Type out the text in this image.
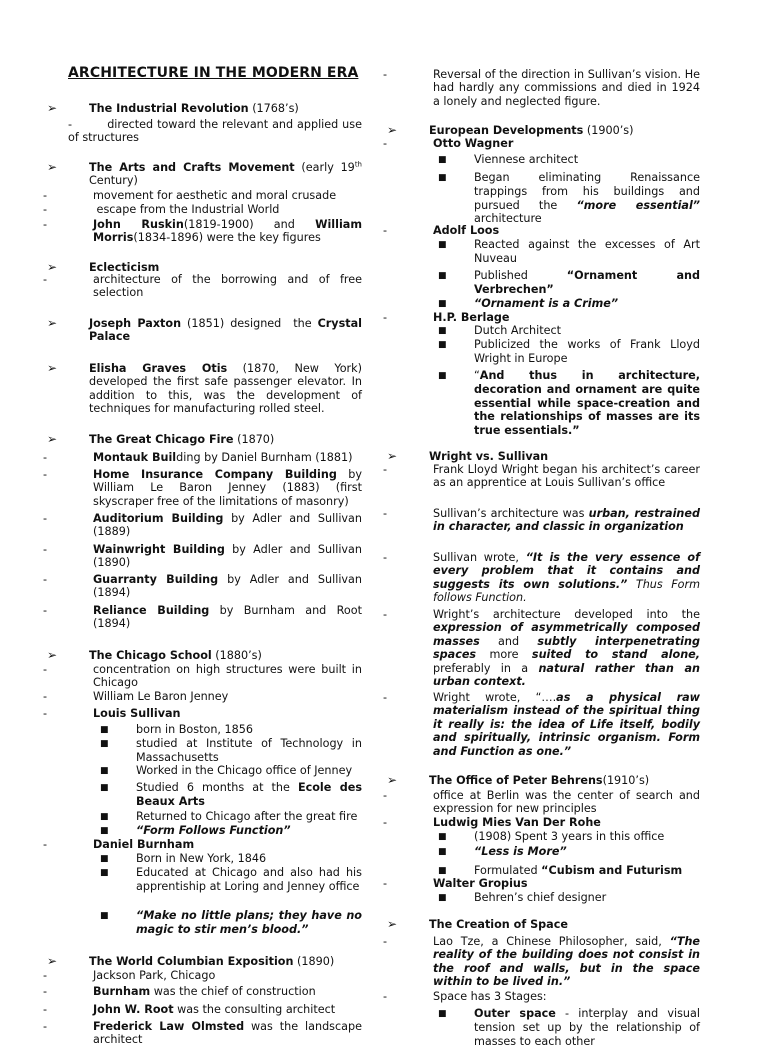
ARCHITECTURE IN THE MODERN ERA
➢	The Industrial Revolution (1768’s)
-         directed toward the relevant and applied use of structures
➢	The Arts and Crafts Movement (early 19th Century)
-	movement for aesthetic and moral crusade
-	escape from the Industrial World
-	John Ruskin(1819-1900) and William Morris(1834-1896) were the key figures
➢	Eclecticism
-	architecture of the borrowing and of free selection
➢	Joseph Paxton (1851) designed  the Crystal Palace
➢	Elisha Graves Otis (1870, New York) developed the first safe passenger elevator. In addition to this, was the development of techniques for manufacturing rolled steel.
➢	The Great Chicago Fire (1870)
-	Montauk Building by Daniel Burnham (1881)
-	Home Insurance Company Building by William Le Baron Jenney (1883) (first skyscraper free of the limitations of masonry)
-	Auditorium Building by Adler and Sullivan (1889)
-	Wainwright Building by Adler and Sullivan (1890)
-	Guarranty Building by Adler and Sullivan (1894)
-	Reliance Building by Burnham and Root (1894)
➢	The Chicago School (1880’s)
-	concentration on high structures were built in Chicago
-	William Le Baron Jenney
-	Louis Sullivan
■ born in Boston, 1856
■ studied at Institute of Technology in Massachusetts
■ Worked in the Chicago office of Jenney
■ Studied 6 months at the Ecole des Beaux Arts
■ Returned to Chicago after the great fire
■ “Form Follows Function”
-	Daniel Burnham
■ Born in New York, 1846
■ Educated at Chicago and also had his apprentiship at Loring and Jenney office
■ “Make no little plans; they have no magic to stir men’s blood.”
➢	The World Columbian Exposition (1890)
-	Jackson Park, Chicago
-	Burnham was the chief of construction
-	John W. Root was the consulting architect
-	Frederick Law Olmsted was the landscape architect
-	Reversal of the direction in Sullivan’s vision. He had hardly any commissions and died in 1924 a lonely and neglected figure.
➢	European Developments (1900’s)
-	Otto Wagner
■ Viennese architect
■ Began eliminating Renaissance trappings from his buildings and pursued the “more essential” architecture
-	Adolf Loos
■ Reacted against the excesses of Art Nuveau
■ Published “Ornament and Verbrechen”
■ “Ornament is a Crime”
-	H.P. Berlage
■ Dutch Architect
■ Publicized the works of Frank Lloyd Wright in Europe
■ “And thus in architecture, decoration and ornament are quite essential while space-creation and the relationships of masses are its true essentials.”
➢	Wright vs. Sullivan
-	Frank Lloyd Wright began his architect’s career as an apprentice at Louis Sullivan’s office
-	Sullivan’s architecture was urban, restrained in character, and classic in organization
-	Sullivan wrote, “It is the very essence of every problem that it contains and suggests its own solutions.” Thus Form follows Function.
-	Wright’s architecture developed into the expression of asymmetrically composed masses and subtly interpenetrating spaces more suited to stand alone, preferably in a natural rather than an urban context.
-	Wright wrote, “….as a physical raw materialism instead of the spiritual thing it really is: the idea of Life itself, bodily and spiritually, intrinsic organism. Form and Function as one.”
➢	The Office of Peter Behrens(1910’s)
-	office at Berlin was the center of search and expression for new principles
-	Ludwig Mies Van Der Rohe
■ (1908) Spent 3 years in this office
■ “Less is More”
■ Formulated “Cubism and Futurism
-	Walter Gropius
■ Behren’s chief designer
➢	The Creation of Space
-	Lao Tze, a Chinese Philosopher, said, “The reality of the building does not consist in the roof and walls, but in the space within to be lived in.”
-	Space has 3 Stages:
■ Outer space - interplay and visual tension set up by the relationship of masses to each other
